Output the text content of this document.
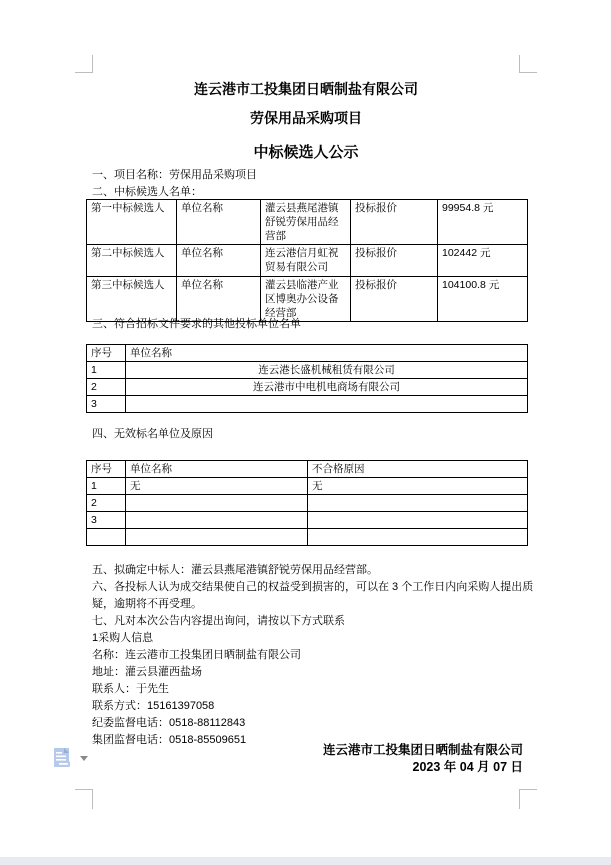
连云港市工投集团日晒制盐有限公司
劳保用品采购项目
中标候选人公示
一、项目名称：劳保用品采购项目
二、中标候选人名单：
第一中标候选人	单位名称	灌云县燕尾港镇舒锐劳保用品经营部	投标报价	99954.8 元
第二中标候选人	单位名称	连云港信月虹祝贸易有限公司	投标报价	102442 元
第三中标候选人	单位名称	灌云县临港产业区博奥办公设备经营部	投标报价	104100.8 元
三、符合招标文件要求的其他投标单位名单
序号	单位名称
1	连云港长盛机械租赁有限公司
2	连云港市中电机电商场有限公司
3	
四、无效标名单位及原因
序号	单位名称	不合格原因
1	无	无
2		
3		

五、拟确定中标人：灌云县燕尾港镇舒锐劳保用品经营部。
六、各投标人认为成交结果使自己的权益受到损害的，可以在 3 个工作日内向采购人提出质
疑，逾期将不再受理。
七、凡对本次公告内容提出询问，请按以下方式联系
1采购人信息
名称：连云港市工投集团日晒制盐有限公司
地址：灌云县灌西盐场
联系人：于先生
联系方式：15161397058
纪委监督电话：0518-88112843
集团监督电话：0518-85509651
连云港市工投集团日晒制盐有限公司
2023 年 04 月 07 日
